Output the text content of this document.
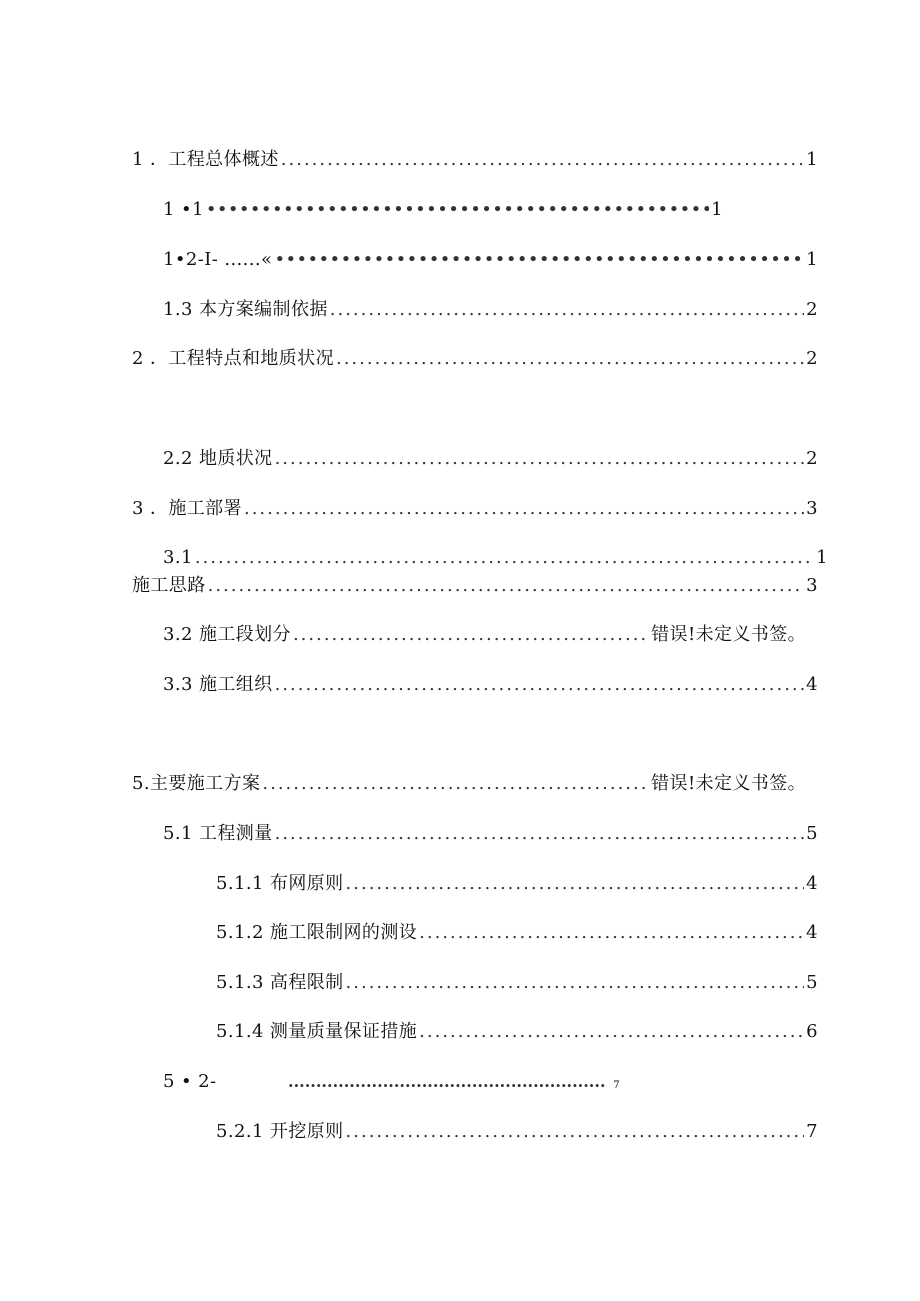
1 ．工程总体概述 .....	1
1 •1 •••••	1
1•2-I- ......« •••••	1
1.3 本方案编制依据 .....	2
2 ．工程特点和地质状况 .....	2
2.2 地质状况 .....	2
3 ．施工部署 .....	3
3.1 .....	1
施工思路 .....	3
3.2 施工段划分 .....	错误!未定义书签。
3.3 施工组织 .....	4
5.主要施工方案 .....	错误!未定义书签。
5.1 工程测量 .....	5
5.1.1 布网原则 .....	4
5.1.2 施工限制网的测设 .....	4
5.1.3 高程限制 .....	5
5.1.4 测量质量保证措施 .....	6
5 • 2- .....	7
5.2.1 开挖原则 .....	7
